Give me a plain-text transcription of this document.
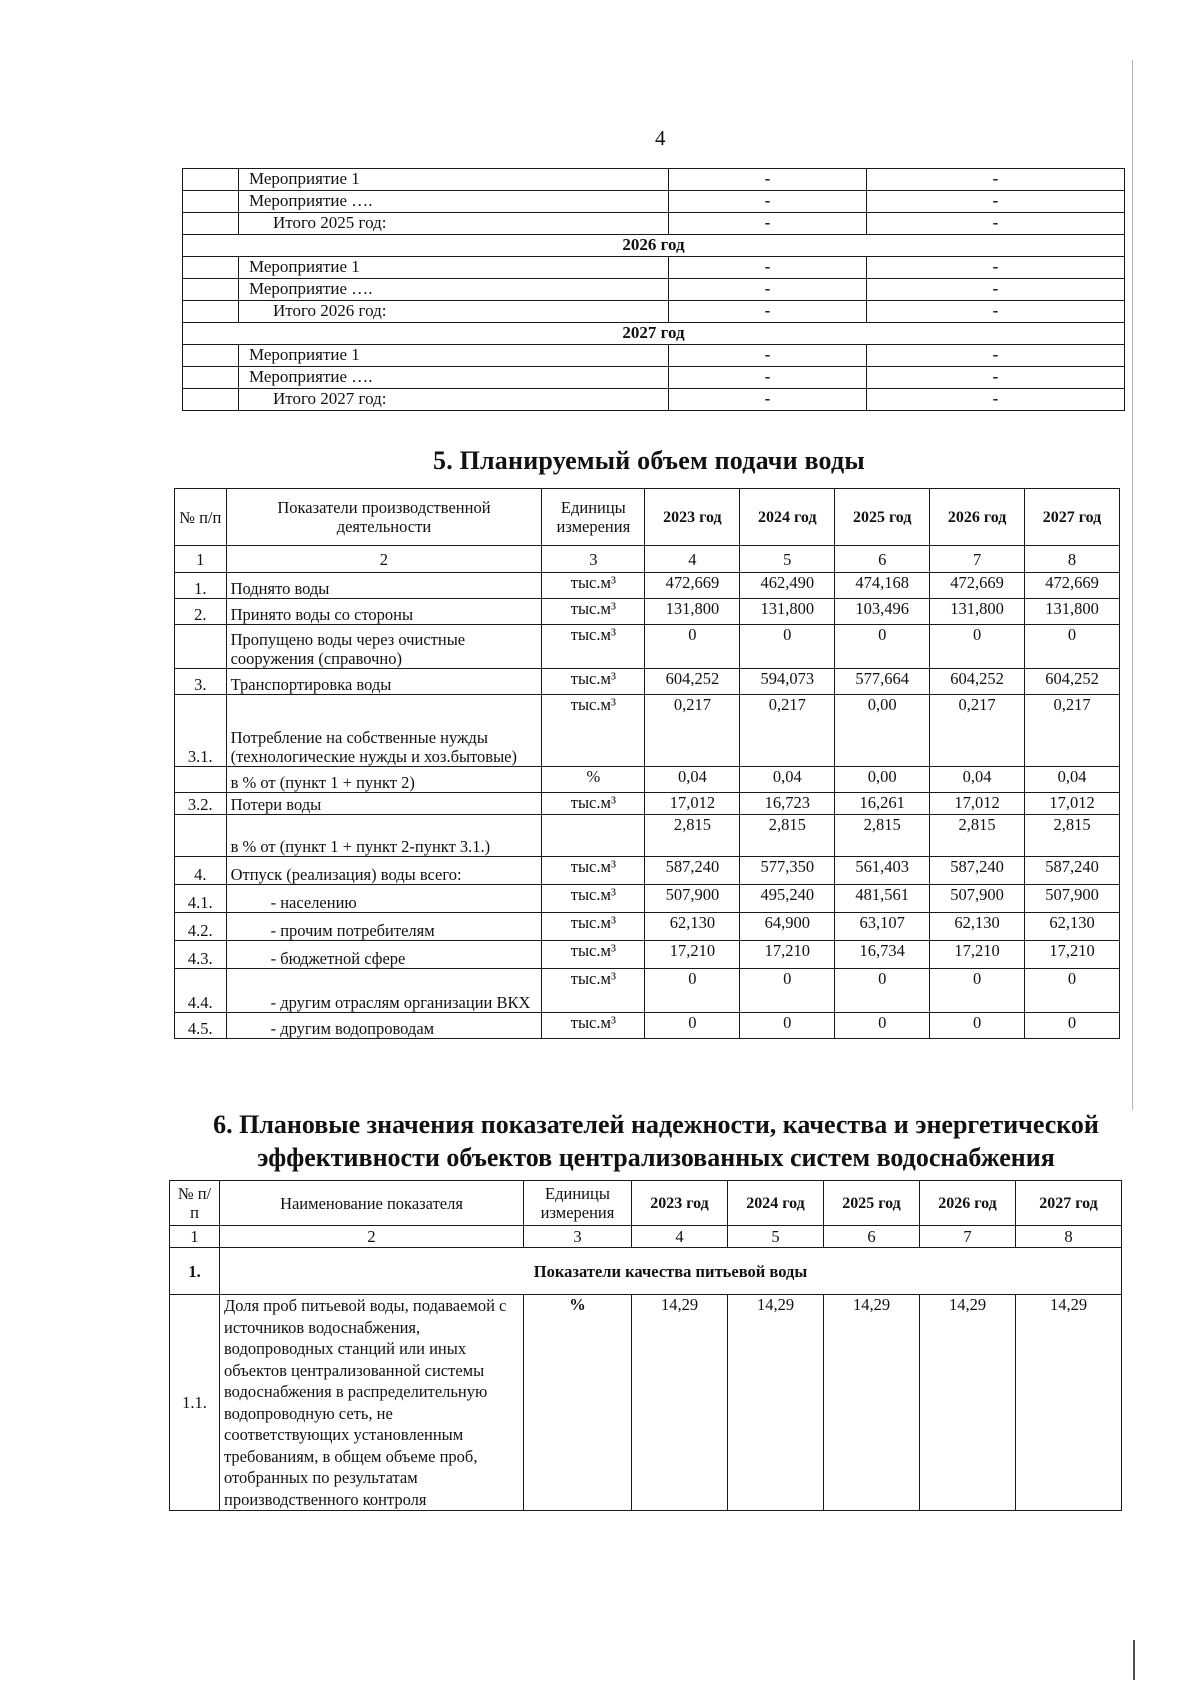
4
	Мероприятие 1	-	-
	Мероприятие ….	-	-
	Итого 2025 год:	-	-
2026 год			
	Мероприятие 1	-	-
	Мероприятие ….	-	-
	Итого 2026 год:	-	-
2027 год			
	Мероприятие 1	-	-
	Мероприятие ….	-	-
	Итого 2027 год:	-	-
5. Планируемый объем подачи воды
№ п/п	Показатели производственной деятельности	Единицы измерения	2023 год	2024 год	2025 год	2026 год	2027 год
1	2	3	4	5	6	7	8
1.	Поднято воды	тыс.м³	472,669	462,490	474,168	472,669	472,669
2.	Принято воды со стороны	тыс.м³	131,800	131,800	103,496	131,800	131,800
	Пропущено воды через очистные сооружения (справочно)	тыс.м³	0	0	0	0	0
3.	Транспортировка воды	тыс.м³	604,252	594,073	577,664	604,252	604,252
3.1.	Потребление на собственные нужды (технологические нужды и хоз.бытовые)	тыс.м³	0,217	0,217	0,00	0,217	0,217
	в % от (пункт 1 + пункт 2)	%	0,04	0,04	0,00	0,04	0,04
3.2.	Потери воды	тыс.м³	17,012	16,723	16,261	17,012	17,012
	в % от (пункт 1 + пункт 2-пункт 3.1.)		2,815	2,815	2,815	2,815	2,815
4.	Отпуск (реализация) воды всего:	тыс.м³	587,240	577,350	561,403	587,240	587,240
4.1.	- населению	тыс.м³	507,900	495,240	481,561	507,900	507,900
4.2.	- прочим потребителям	тыс.м³	62,130	64,900	63,107	62,130	62,130
4.3.	- бюджетной сфере	тыс.м³	17,210	17,210	16,734	17,210	17,210
4.4.	- другим отраслям организации ВКХ	тыс.м³	0	0	0	0	0
4.5.	- другим водопроводам	тыс.м³	0	0	0	0	0
6. Плановые значения показателей надежности, качества и энергетической эффективности объектов централизованных систем водоснабжения
№ п/п	Наименование показателя	Единицы измерения	2023 год	2024 год	2025 год	2026 год	2027 год
1	2	3	4	5	6	7	8
1.	Показатели качества питьевой воды						
1.1.	Доля проб питьевой воды, подаваемой с источников водоснабжения, водопроводных станций или иных объектов централизованной системы водоснабжения в распределительную водопроводную сеть, не соответствующих установленным требованиям, в общем объеме проб, отобранных по результатам производственного контроля	%	14,29	14,29	14,29	14,29	14,29
